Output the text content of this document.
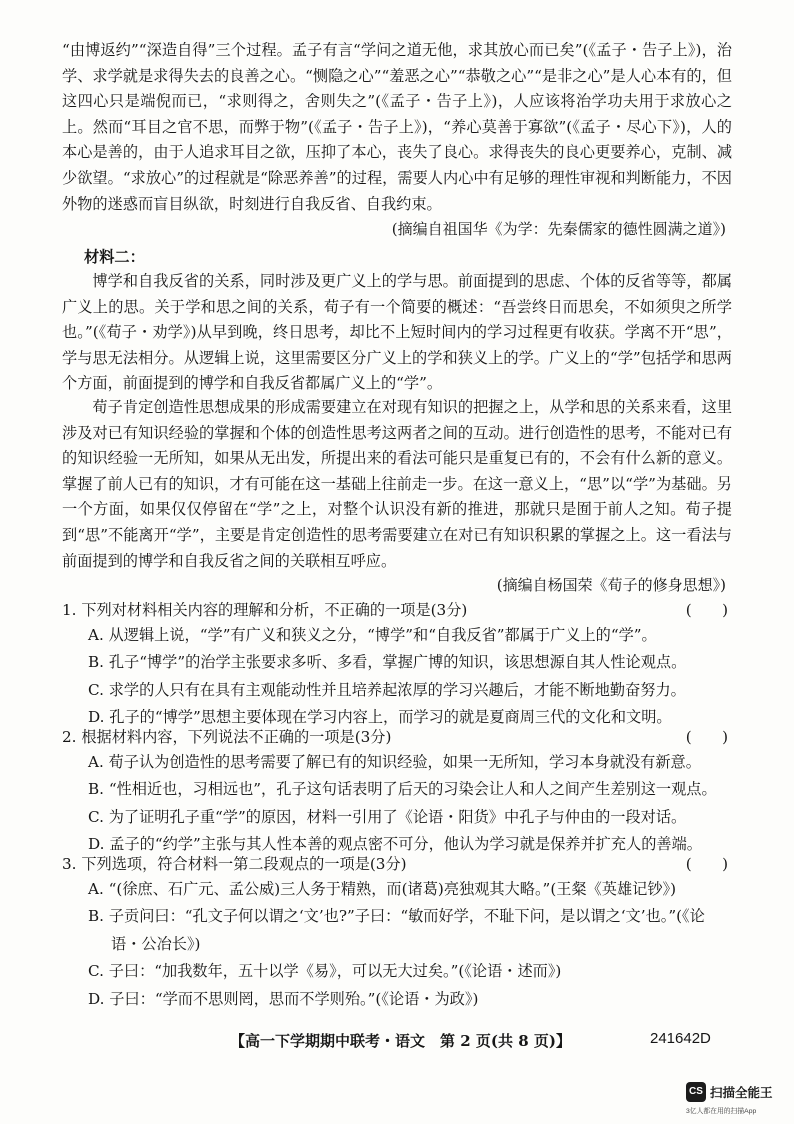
“由博返约”“深造自得”三个过程。孟子有言“学问之道无他，求其放心而已矣”(《孟子・告子上》)，治学、求学就是求得失去的良善之心。“恻隐之心”“羞恶之心”“恭敬之心”“是非之心”是人心本有的，但这四心只是端倪而已，“求则得之，舍则失之”(《孟子・告子上》)，人应该将治学功夫用于求放心之上。然而“耳目之官不思，而弊于物”(《孟子・告子上》)，“养心莫善于寡欲”(《孟子・尽心下》)，人的本心是善的，由于人追求耳目之欲，压抑了本心，丧失了良心。求得丧失的良心更要养心，克制、减少欲望。“求放心”的过程就是“除恶养善”的过程，需要人内心中有足够的理性审视和判断能力，不因外物的迷惑而盲目纵欲，时刻进行自我反省、自我约束。
(摘编自祖国华《为学：先秦儒家的德性圆满之道》)
材料二：
博学和自我反省的关系，同时涉及更广义上的学与思。前面提到的思虑、个体的反省等等，都属广义上的思。关于学和思之间的关系，荀子有一个简要的概述：“吾尝终日而思矣，不如须臾之所学也。”(《荀子・劝学》)从早到晚，终日思考，却比不上短时间内的学习过程更有收获。学离不开“思”，学与思无法相分。从逻辑上说，这里需要区分广义上的学和狭义上的学。广义上的“学”包括学和思两个方面，前面提到的博学和自我反省都属广义上的“学”。
荀子肯定创造性思想成果的形成需要建立在对现有知识的把握之上，从学和思的关系来看，这里涉及对已有知识经验的掌握和个体的创造性思考这两者之间的互动。进行创造性的思考，不能对已有的知识经验一无所知，如果从无出发，所提出来的看法可能只是重复已有的，不会有什么新的意义。掌握了前人已有的知识，才有可能在这一基础上往前走一步。在这一意义上，“思”以“学”为基础。另一个方面，如果仅仅停留在“学”之上，对整个认识没有新的推进，那就只是囿于前人之知。荀子提到“思”不能离开“学”，主要是肯定创造性的思考需要建立在对已有知识积累的掌握之上。这一看法与前面提到的博学和自我反省之间的关联相互呼应。
(摘编自杨国荣《荀子的修身思想》)
1. 下列对材料相关内容的理解和分析，不正确的一项是(3分)	(　　)
A. 从逻辑上说，“学”有广义和狭义之分，“博学”和“自我反省”都属于广义上的“学”。
B. 孔子“博学”的治学主张要求多听、多看，掌握广博的知识，该思想源自其人性论观点。
C. 求学的人只有在具有主观能动性并且培养起浓厚的学习兴趣后，才能不断地勤奋努力。
D. 孔子的“博学”思想主要体现在学习内容上，而学习的就是夏商周三代的文化和文明。
2. 根据材料内容，下列说法不正确的一项是(3分)	(　　)
A. 荀子认为创造性的思考需要了解已有的知识经验，如果一无所知，学习本身就没有新意。
B. “性相近也，习相远也”，孔子这句话表明了后天的习染会让人和人之间产生差别这一观点。
C. 为了证明孔子重“学”的原因，材料一引用了《论语・阳货》中孔子与仲由的一段对话。
D. 孟子的“约学”主张与其人性本善的观点密不可分，他认为学习就是保养并扩充人的善端。
3. 下列选项，符合材料一第二段观点的一项是(3分)	(　　)
A. “(徐庶、石广元、孟公威)三人务于精熟，而(诸葛)亮独观其大略。”(王粲《英雄记钞》)
B. 子贡问曰：“孔文子何以谓之‘文’也?”子曰：“敏而好学，不耻下问，是以谓之‘文’也。”(《论语・公冶长》)
C. 子曰：“加我数年，五十以学《易》，可以无大过矣。”(《论语・述而》)
D. 子曰：“学而不思则罔，思而不学则殆。”(《论语・为政》)
【高一下学期期中联考・语文　第 2 页(共 8 页)】	241642D
CS 扫描全能王
3亿人都在用的扫描App
